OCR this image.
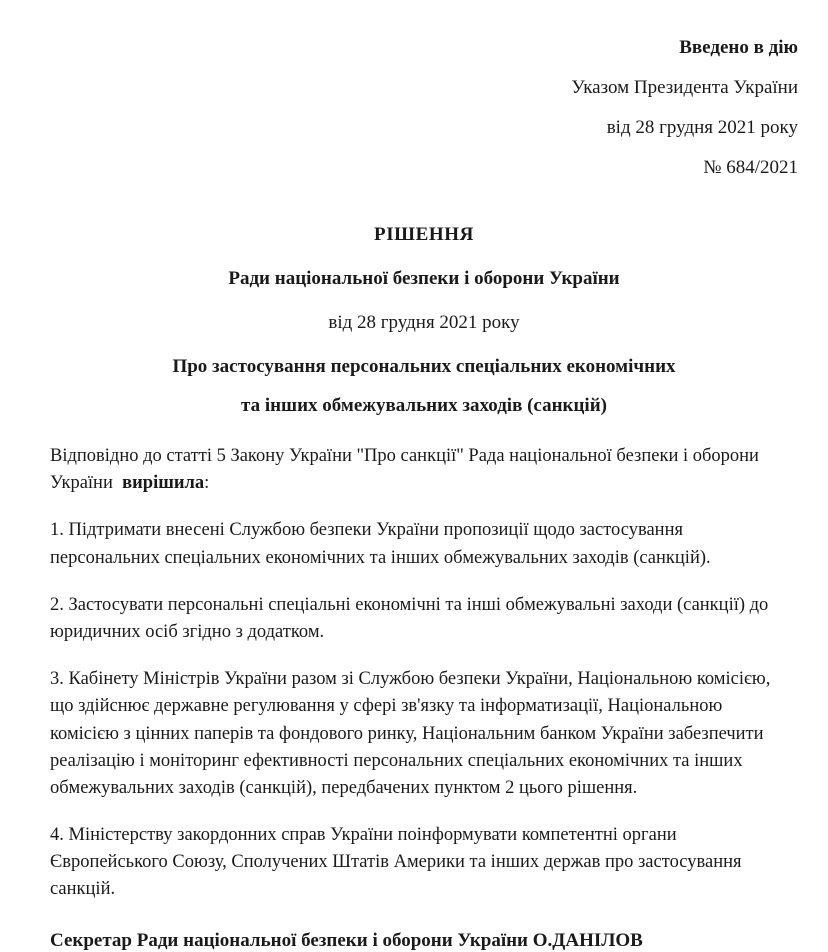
Введено в дію
Указом Президента України
від 28 грудня 2021 року
№ 684/2021
РІШЕННЯ
Ради національної безпеки і оборони України
від 28 грудня 2021 року
Про застосування персональних спеціальних економічних
та інших обмежувальних заходів (санкцій)

Відповідно до статті 5 Закону України "Про санкції" Рада національної безпеки і оборони України вирішила:

1. Підтримати внесені Службою безпеки України пропозиції щодо застосування персональних спеціальних економічних та інших обмежувальних заходів (санкцій).

2. Застосувати персональні спеціальні економічні та інші обмежувальні заходи (санкції) до юридичних осіб згідно з додатком.

3. Кабінету Міністрів України разом зі Службою безпеки України, Національною комісією, що здійснює державне регулювання у сфері зв'язку та інформатизації, Національною комісією з цінних паперів та фондового ринку, Національним банком України забезпечити реалізацію і моніторинг ефективності персональних спеціальних економічних та інших обмежувальних заходів (санкцій), передбачених пунктом 2 цього рішення.

4. Міністерству закордонних справ України поінформувати компетентні органи Європейського Союзу, Сполучених Штатів Америки та інших держав про застосування санкцій.

Секретар Ради національної безпеки і оборони України О.ДАНІЛОВ
